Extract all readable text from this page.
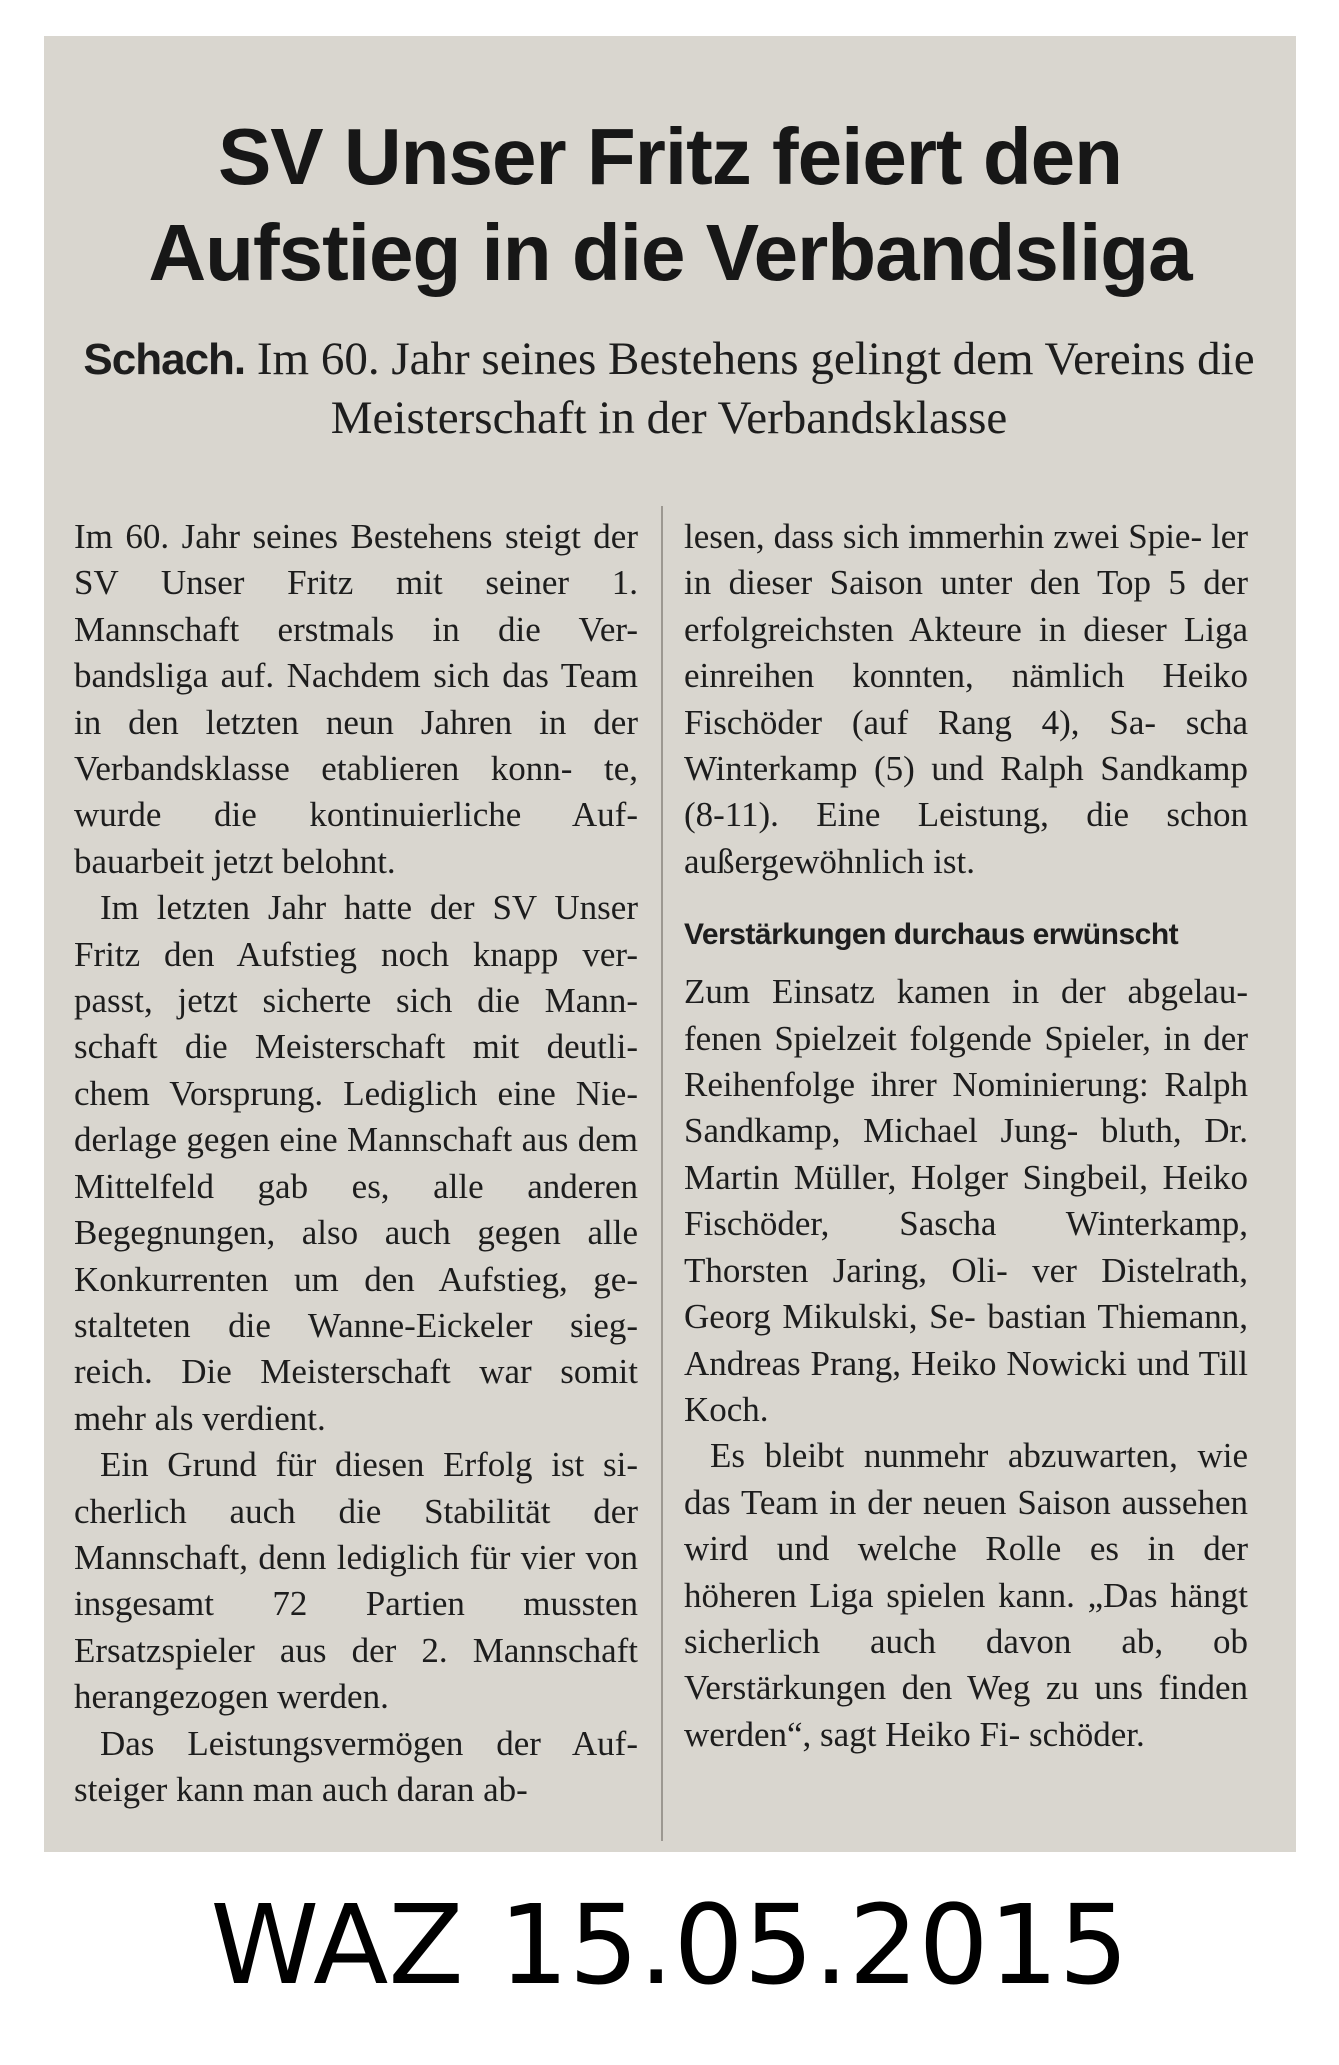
SV Unser Fritz feiert den
Aufstieg in die Verbandsliga
Schach. Im 60. Jahr seines Bestehens gelingt dem Vereins die Meisterschaft in der Verbandsklasse

Im 60. Jahr seines Bestehens steigt der SV Unser Fritz mit seiner 1. Mannschaft erstmals in die Ver- bandsliga auf. Nachdem sich das Team in den letzten neun Jahren in der Verbandsklasse etablieren konn- te, wurde die kontinuierliche Auf- bauarbeit jetzt belohnt.

Im letzten Jahr hatte der SV Unser Fritz den Aufstieg noch knapp ver- passt, jetzt sicherte sich die Mann- schaft die Meisterschaft mit deutli- chem Vorsprung. Lediglich eine Nie- derlage gegen eine Mannschaft aus dem Mittelfeld gab es, alle anderen Begegnungen, also auch gegen alle Konkurrenten um den Aufstieg, ge- stalteten die Wanne-Eickeler sieg- reich. Die Meisterschaft war somit mehr als verdient.

Ein Grund für diesen Erfolg ist si- cherlich auch die Stabilität der Mannschaft, denn lediglich für vier von insgesamt 72 Partien mussten Ersatzspieler aus der 2. Mannschaft herangezogen werden.

Das Leistungsvermögen der Auf- steiger kann man auch daran ab-

lesen, dass sich immerhin zwei Spie- ler in dieser Saison unter den Top 5 der erfolgreichsten Akteure in dieser Liga einreihen konnten, nämlich Heiko Fischöder (auf Rang 4), Sa- scha Winterkamp (5) und Ralph Sandkamp (8-11). Eine Leistung, die schon außergewöhnlich ist.

Verstärkungen durchaus erwünscht

Zum Einsatz kamen in der abgelau- fenen Spielzeit folgende Spieler, in der Reihenfolge ihrer Nominierung: Ralph Sandkamp, Michael Jung- bluth, Dr. Martin Müller, Holger Singbeil, Heiko Fischöder, Sascha Winterkamp, Thorsten Jaring, Oli- ver Distelrath, Georg Mikulski, Se- bastian Thiemann, Andreas Prang, Heiko Nowicki und Till Koch.

Es bleibt nunmehr abzuwarten, wie das Team in der neuen Saison aussehen wird und welche Rolle es in der höheren Liga spielen kann. „Das hängt sicherlich auch davon ab, ob Verstärkungen den Weg zu uns finden werden“, sagt Heiko Fi- schöder.

WAZ 15.05.2015
